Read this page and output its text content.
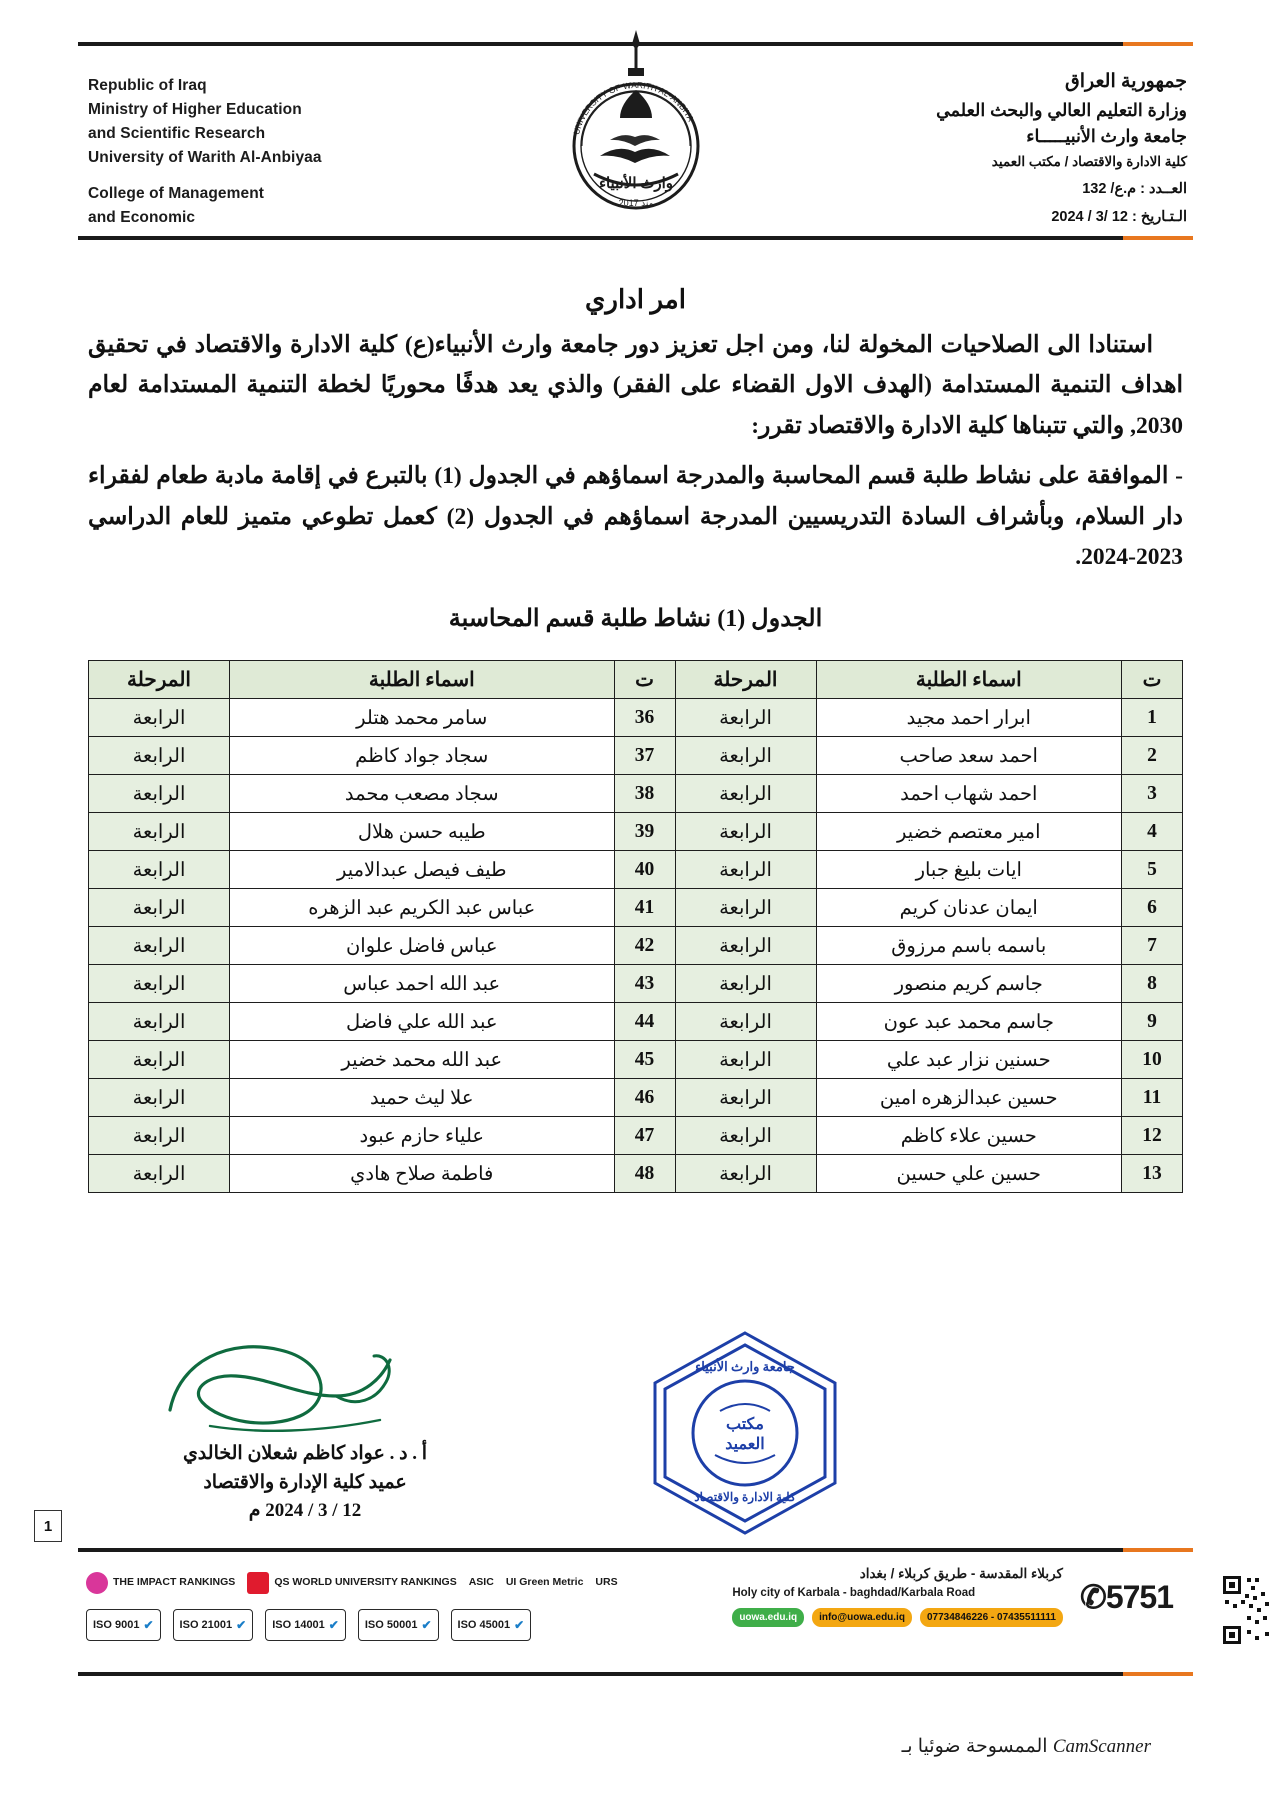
Republic of Iraq
Ministry of Higher Education
and Scientific Research
University of Warith Al-Anbiyaa
College of Management
and Economic
وارث الأنبياء
منذ 2017
UNIVERSITY OF WARITH AL-ANBIYA
جمهورية العراق
وزارة التعليم العالي والبحث العلمي
جامعة وارث الأنبيـــــاء
كلية الادارة والاقتصاد / مكتب العميد
العــدد : م.ع/ 132
الـتـاريخ : 12 /3 / 2024
امر اداري

استنادا الى الصلاحيات المخولة لنا، ومن اجل تعزيز دور جامعة وارث الأنبياء(ع) كلية الادارة والاقتصاد في تحقيق اهداف التنمية المستدامة (الهدف الاول القضاء على الفقر) والذي يعد هدفًا محوريًا لخطة التنمية المستدامة لعام 2030, والتي تتبناها كلية الادارة والاقتصاد تقرر:

- الموافقة على نشاط طلبة قسم المحاسبة والمدرجة اسماؤهم في الجدول (1) بالتبرع في إقامة مادبة طعام لفقراء دار السلام، وبأشراف السادة التدريسيين المدرجة اسماؤهم في الجدول (2) كعمل تطوعي متميز للعام الدراسي 2023-2024.

الجدول (1) نشاط طلبة قسم المحاسبة
ت	اسماء الطلبة	المرحلة	ت	اسماء الطلبة	المرحلة
1	ابرار احمد مجيد	الرابعة	36	سامر محمد هتلر	الرابعة
2	احمد سعد صاحب	الرابعة	37	سجاد جواد كاظم	الرابعة
3	احمد شهاب احمد	الرابعة	38	سجاد مصعب محمد	الرابعة
4	امير معتصم خضير	الرابعة	39	طيبه حسن هلال	الرابعة
5	ايات بليغ جبار	الرابعة	40	طيف فيصل عبدالامير	الرابعة
6	ايمان عدنان كريم	الرابعة	41	عباس عبد الكريم عبد الزهره	الرابعة
7	باسمه باسم مرزوق	الرابعة	42	عباس فاضل علوان	الرابعة
8	جاسم كريم منصور	الرابعة	43	عبد الله احمد عباس	الرابعة
9	جاسم محمد عبد عون	الرابعة	44	عبد الله علي فاضل	الرابعة
10	حسنين نزار عبد علي	الرابعة	45	عبد الله محمد خضير	الرابعة
11	حسين عبدالزهره امين	الرابعة	46	علا ليث حميد	الرابعة
12	حسين علاء كاظم	الرابعة	47	علياء حازم عبود	الرابعة
13	حسين علي حسين	الرابعة	48	فاطمة صلاح هادي	الرابعة
أ . د . عواد كاظم شعلان الخالدي
عميد كلية الإدارة والاقتصاد
12 / 3 / 2024 م
جامعة وارث الأنبياء
مكتب
العميد
كلية الادارة والاقتصاد
1
THE IMPACT RANKINGS	QS WORLD UNIVERSITY RANKINGS ASIC UI Green Metric URS
ISO 9001 ✔ ISO 21001 ✔ ISO 14001 ✔ ISO 50001 ✔ ISO 45001 ✔
كربلاء المقدسة - طريق كربلاء / بغداد
Holy city of Karbala - baghdad/Karbala Road
uowa.edu.iq	info@uowa.edu.iq	07734846226 - 07435511111
✆5751
CamScanner الممسوحة ضوئيا بـ
